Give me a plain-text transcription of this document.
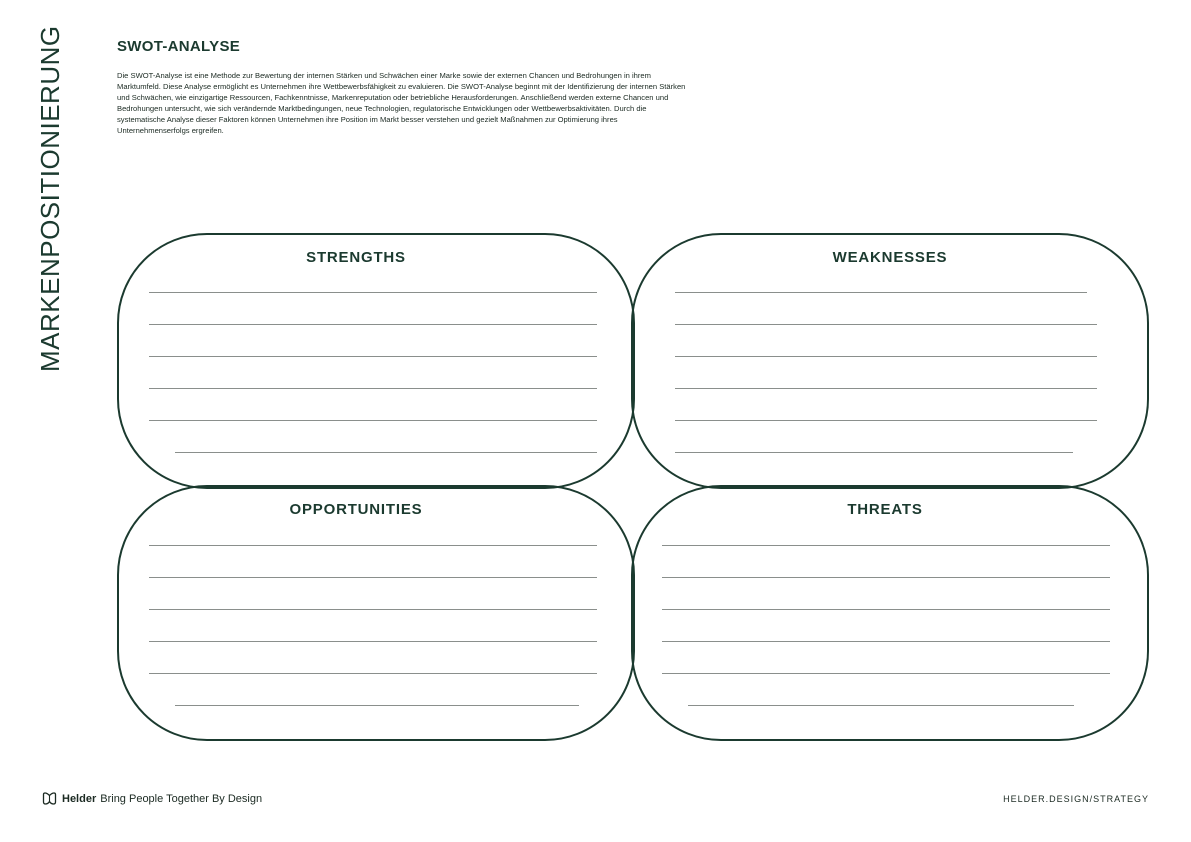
MARKENPOSITIONIERUNG	SWOT-ANALYSE

Die SWOT-Analyse ist eine Methode zur Bewertung der internen Stärken und Schwächen einer Marke sowie der externen Chancen und Bedrohungen in ihrem Marktumfeld. Diese Analyse ermöglicht es Unternehmen ihre Wettbewerbsfähigkeit zu evaluieren. Die SWOT-Analyse beginnt mit der Identifizierung der internen Stärken und Schwächen, wie einzigartige Ressourcen, Fachkenntnisse, Markenreputation oder betriebliche Herausforderungen. Anschließend werden externe Chancen und Bedrohungen untersucht, wie sich verändernde Marktbedingungen, neue Technologien, regulatorische Entwicklungen oder Wettbewerbsaktivitäten. Durch die systematische Analyse dieser Faktoren können Unternehmen ihre Position im Markt besser verstehen und gezielt Maßnahmen zur Optimierung ihres Unternehmenserfolgs ergreifen.

STRENGTHS	WEAKNESSES
OPPORTUNITIES	THREATS
Helder Bring People Together By Design	HELDER.DESIGN/STRATEGY
